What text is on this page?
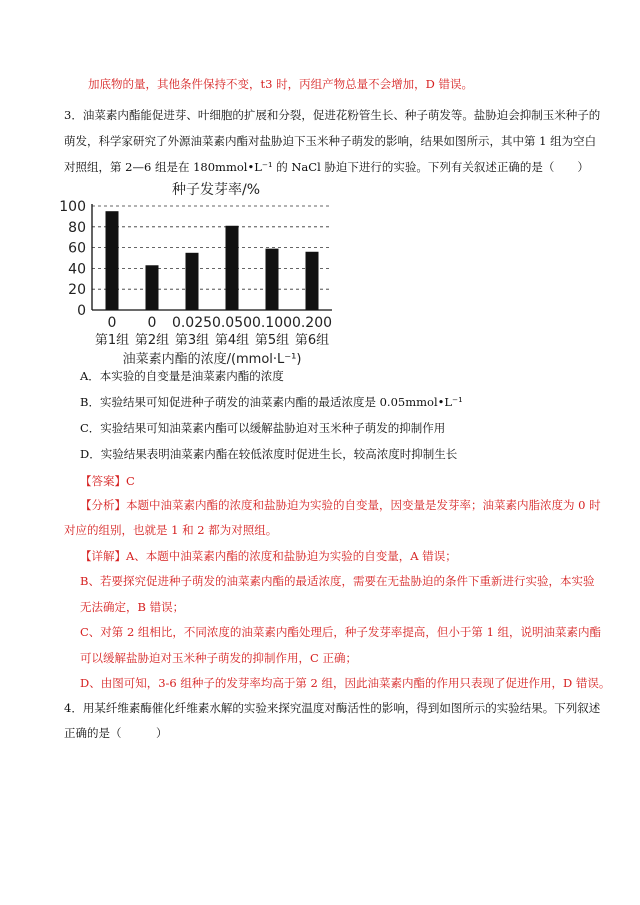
加底物的量，其他条件保持不变，t3 时，丙组产物总量不会增加，D 错误。
3．油菜素内酯能促进芽、叶细胞的扩展和分裂，促进花粉管生长、种子萌发等。盐胁迫会抑制玉米种子的
萌发，科学家研究了外源油菜素内酯对盐胁迫下玉米种子萌发的影响，结果如图所示，其中第 1 组为空白
对照组，第 2—6 组是在 180mmol•L⁻¹ 的 NaCl 胁迫下进行的实验。下列有关叙述正确的是（　　）
种子发芽率/%
0
20
40
60
80
100
0
第1组
0
第2组
0.025
第3组
0.050
第4组
0.100
第5组
0.200
第6组
油菜素内酯的浓度/(mmol·L⁻¹)
A．本实验的自变量是油菜素内酯的浓度
B．实验结果可知促进种子萌发的油菜素内酯的最适浓度是 0.05mmol•L⁻¹
C．实验结果可知油菜素内酯可以缓解盐胁迫对玉米种子萌发的抑制作用
D．实验结果表明油菜素内酯在较低浓度时促进生长，较高浓度时抑制生长
【答案】C
【分析】本题中油菜素内酯的浓度和盐胁迫为实验的自变量，因变量是发芽率；油菜素内脂浓度为 0 时
对应的组别，也就是 1 和 2 都为对照组。
【详解】A、本题中油菜素内酯的浓度和盐胁迫为实验的自变量，A 错误；
B、若要探究促进种子萌发的油菜素内酯的最适浓度，需要在无盐胁迫的条件下重新进行实验，本实验
无法确定，B 错误；
C、对第 2 组相比，不同浓度的油菜素内酯处理后，种子发芽率提高，但小于第 1 组，说明油菜素内酯
可以缓解盐胁迫对玉米种子萌发的抑制作用，C 正确；
D、由图可知，3-6 组种子的发芽率均高于第 2 组，因此油菜素内酯的作用只表现了促进作用，D 错误。
4．用某纤维素酶催化纤维素水解的实验来探究温度对酶活性的影响，得到如图所示的实验结果。下列叙述
正确的是（　　　）
